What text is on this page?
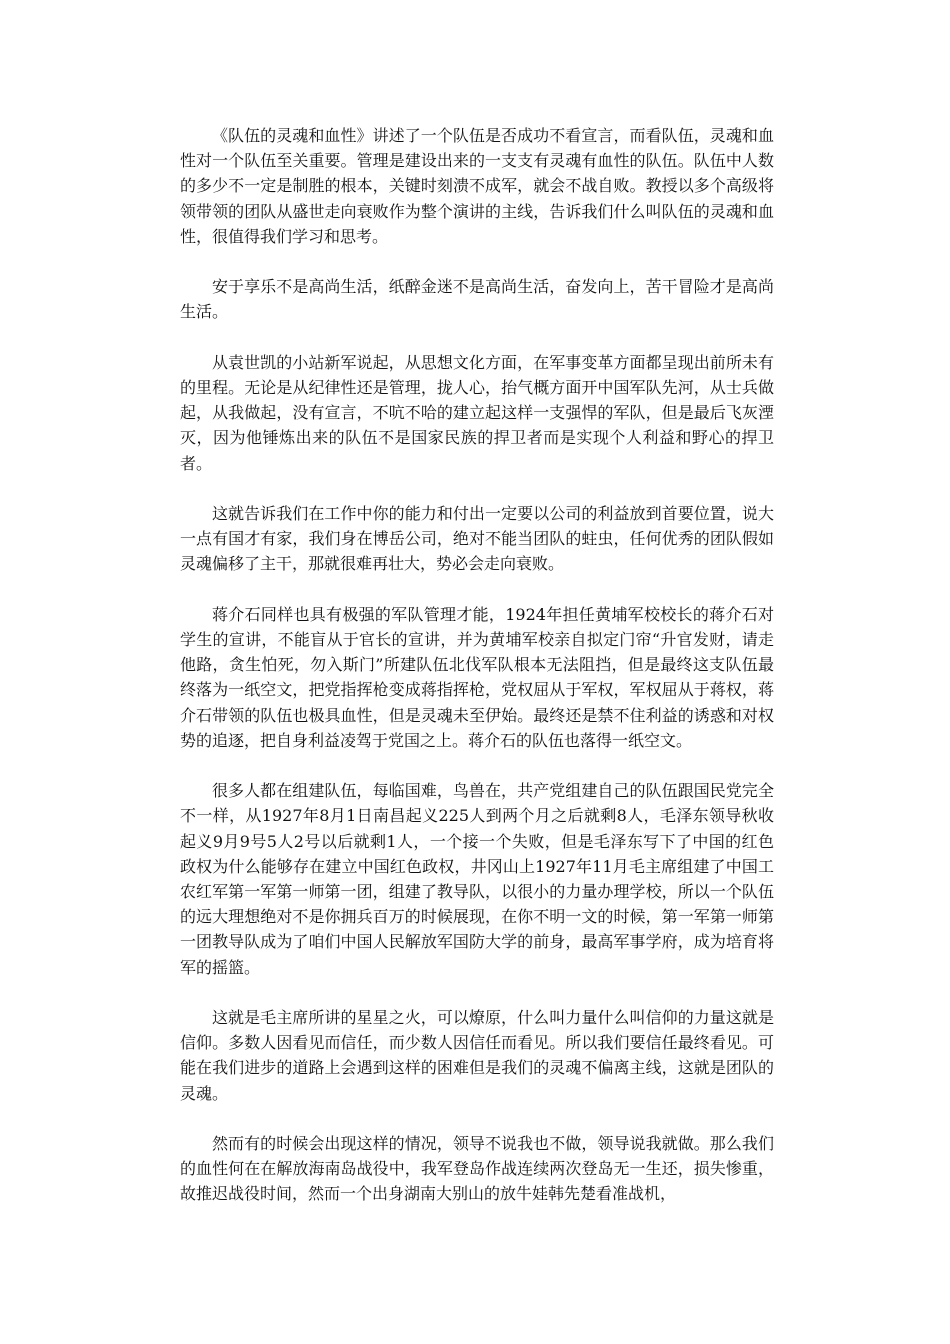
《队伍的灵魂和血性》讲述了一个队伍是否成功不看宣言，而看队伍，灵魂和血性对一个队伍至关重要。管理是建设出来的一支支有灵魂有血性的队伍。队伍中人数的多少不一定是制胜的根本，关键时刻溃不成军，就会不战自败。教授以多个高级将领带领的团队从盛世走向衰败作为整个演讲的主线，告诉我们什么叫队伍的灵魂和血性，很值得我们学习和思考。

安于享乐不是高尚生活，纸醉金迷不是高尚生活，奋发向上，苦干冒险才是高尚生活。

从袁世凯的小站新军说起，从思想文化方面，在军事变革方面都呈现出前所未有的里程。无论是从纪律性还是管理，拢人心，抬气概方面开中国军队先河，从士兵做起，从我做起，没有宣言，不吭不哈的建立起这样一支强悍的军队，但是最后飞灰湮灭，因为他锤炼出来的队伍不是国家民族的捍卫者而是实现个人利益和野心的捍卫者。

这就告诉我们在工作中你的能力和付出一定要以公司的利益放到首要位置，说大一点有国才有家，我们身在博岳公司，绝对不能当团队的蛀虫，任何优秀的团队假如灵魂偏移了主干，那就很难再壮大，势必会走向衰败。

蒋介石同样也具有极强的军队管理才能，1924年担任黄埔军校校长的蒋介石对学生的宣讲，不能盲从于官长的宣讲，并为黄埔军校亲自拟定门帘“升官发财，请走他路，贪生怕死，勿入斯门”所建队伍北伐军队根本无法阻挡，但是最终这支队伍最终落为一纸空文，把党指挥枪变成蒋指挥枪，党权屈从于军权，军权屈从于蒋权，蒋介石带领的队伍也极具血性，但是灵魂未至伊始。最终还是禁不住利益的诱惑和对权势的追逐，把自身利益凌驾于党国之上。蒋介石的队伍也落得一纸空文。

很多人都在组建队伍，每临国难，鸟兽在，共产党组建自己的队伍跟国民党完全不一样，从1927年8月1日南昌起义225人到两个月之后就剩8人，毛泽东领导秋收起义9月9号5人2号以后就剩1人，一个接一个失败，但是毛泽东写下了中国的红色政权为什么能够存在建立中国红色政权，井冈山上1927年11月毛主席组建了中国工农红军第一军第一师第一团，组建了教导队，以很小的力量办理学校，所以一个队伍的远大理想绝对不是你拥兵百万的时候展现，在你不明一文的时候，第一军第一师第一团教导队成为了咱们中国人民解放军国防大学的前身，最高军事学府，成为培育将军的摇篮。

这就是毛主席所讲的星星之火，可以燎原，什么叫力量什么叫信仰的力量这就是信仰。多数人因看见而信任，而少数人因信任而看见。所以我们要信任最终看见。可能在我们进步的道路上会遇到这样的困难但是我们的灵魂不偏离主线，这就是团队的灵魂。

然而有的时候会出现这样的情况，领导不说我也不做，领导说我就做。那么我们的血性何在在解放海南岛战役中，我军登岛作战连续两次登岛无一生还，损失惨重，故推迟战役时间，然而一个出身湖南大别山的放牛娃韩先楚看准战机，
